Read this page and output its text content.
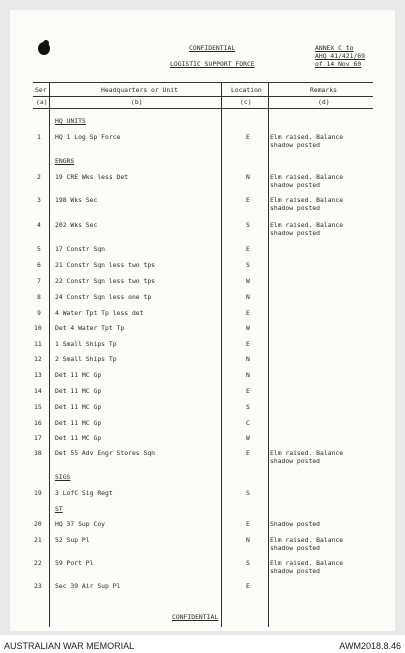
CONFIDENTIAL
LOGISTIC SUPPORT FORCE
ANNEX C to
AHQ 41/421/69
of 14 Nov 60
Ser	Headquarters or Unit	Location	Remarks
(a)	(b)	(c)	(d)
HQ UNITS
ENGRS
SIGS
ST
1 HQ 1 Log Sp Force	E	Elm raised. Balance
shadow posted
2 19 CRE Wks less Det	N	Elm raised. Balance
shadow posted
3 198 Wks Sec	E	Elm raised. Balance
shadow posted
4 202 Wks Sec	S	Elm raised. Balance
shadow posted
5 17 Constr Sqn	E
6 21 Constr Sqn less two tps	S
7 22 Constr Sqn less two tps	W
8 24 Constr Sqn less one tp	N
9 4 Water Tpt Tp less det	E
10 Det 4 Water Tpt Tp	W
11 1 Small Ships Tp	E
12 2 Small Ships Tp	N
13 Det 11 MC Gp	N
14 Det 11 MC Gp	E
15 Det 11 MC Gp	S
16 Det 11 MC Gp	C
17 Det 11 MC Gp	W
18 Det 55 Adv Engr Stores Sqn	E	Elm raised. Balance
shadow posted
19 3 LofC Sig Regt	S
20 HQ 37 Sup Coy	E	Shadow posted
21 52 Sup Pl	N	Elm raised. Balance
shadow posted
22 59 Port Pl	S	Elm raised. Balance
shadow posted
23 Sec 39 Air Sup Pl	E
CONFIDENTIAL
AUSTRALIAN WAR MEMORIAL	AWM2018.8.46
